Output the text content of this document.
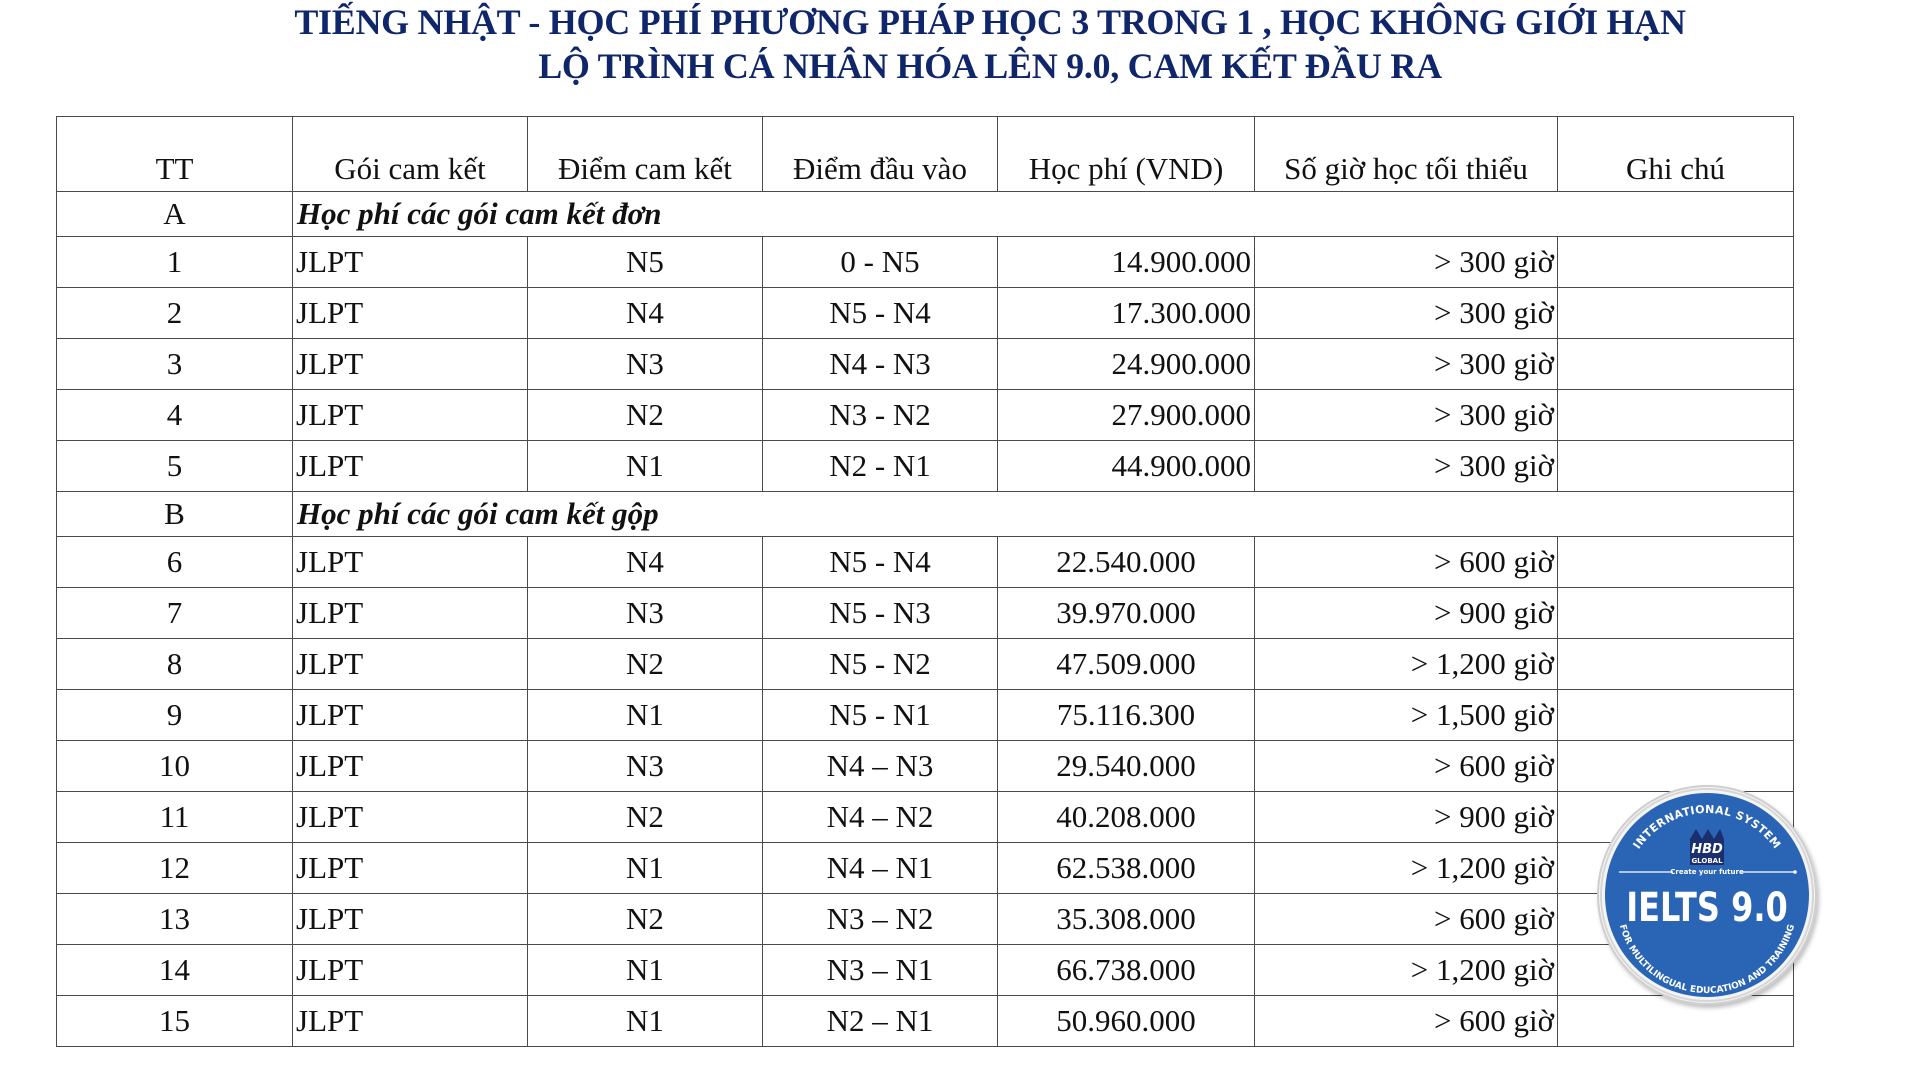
TIẾNG NHẬT - HỌC PHÍ PHƯƠNG PHÁP HỌC 3 TRONG 1 , HỌC KHÔNG GIỚI HẠN
LỘ TRÌNH CÁ NHÂN HÓA LÊN 9.0, CAM KẾT ĐẦU RA
TT	Gói cam kết	Điểm cam kết	Điểm đầu vào	Học phí (VND)	Số giờ học tối thiểu	Ghi chú
A	Học phí các gói cam kết đơn					
1	JLPT	N5	0 - N5	14.900.000	> 300 giờ	
2	JLPT	N4	N5 - N4	17.300.000	> 300 giờ	
3	JLPT	N3	N4 - N3	24.900.000	> 300 giờ	
4	JLPT	N2	N3 - N2	27.900.000	> 300 giờ	
5	JLPT	N1	N2 - N1	44.900.000	> 300 giờ	
B	Học phí các gói cam kết gộp					
6	JLPT	N4	N5 - N4	22.540.000	> 600 giờ	
7	JLPT	N3	N5 - N3	39.970.000	> 900 giờ	
8	JLPT	N2	N5 - N2	47.509.000	> 1,200 giờ	
9	JLPT	N1	N5 - N1	75.116.300	> 1,500 giờ	
10	JLPT	N3	N4 – N3	29.540.000	> 600 giờ	
11	JLPT	N2	N4 – N2	40.208.000	> 900 giờ	
12	JLPT	N1	N4 – N1	62.538.000	> 1,200 giờ	
13	JLPT	N2	N3 – N2	35.308.000	> 600 giờ	
14	JLPT	N1	N3 – N1	66.738.000	> 1,200 giờ	
15	JLPT	N1	N2 – N1	50.960.000	> 600 giờ	
INTERNATIONAL SYSTEM
HBD
GLOBAL
Create your future
IELTS 9.0
FOR MULTILINGUAL EDUCATION AND TRAINING
